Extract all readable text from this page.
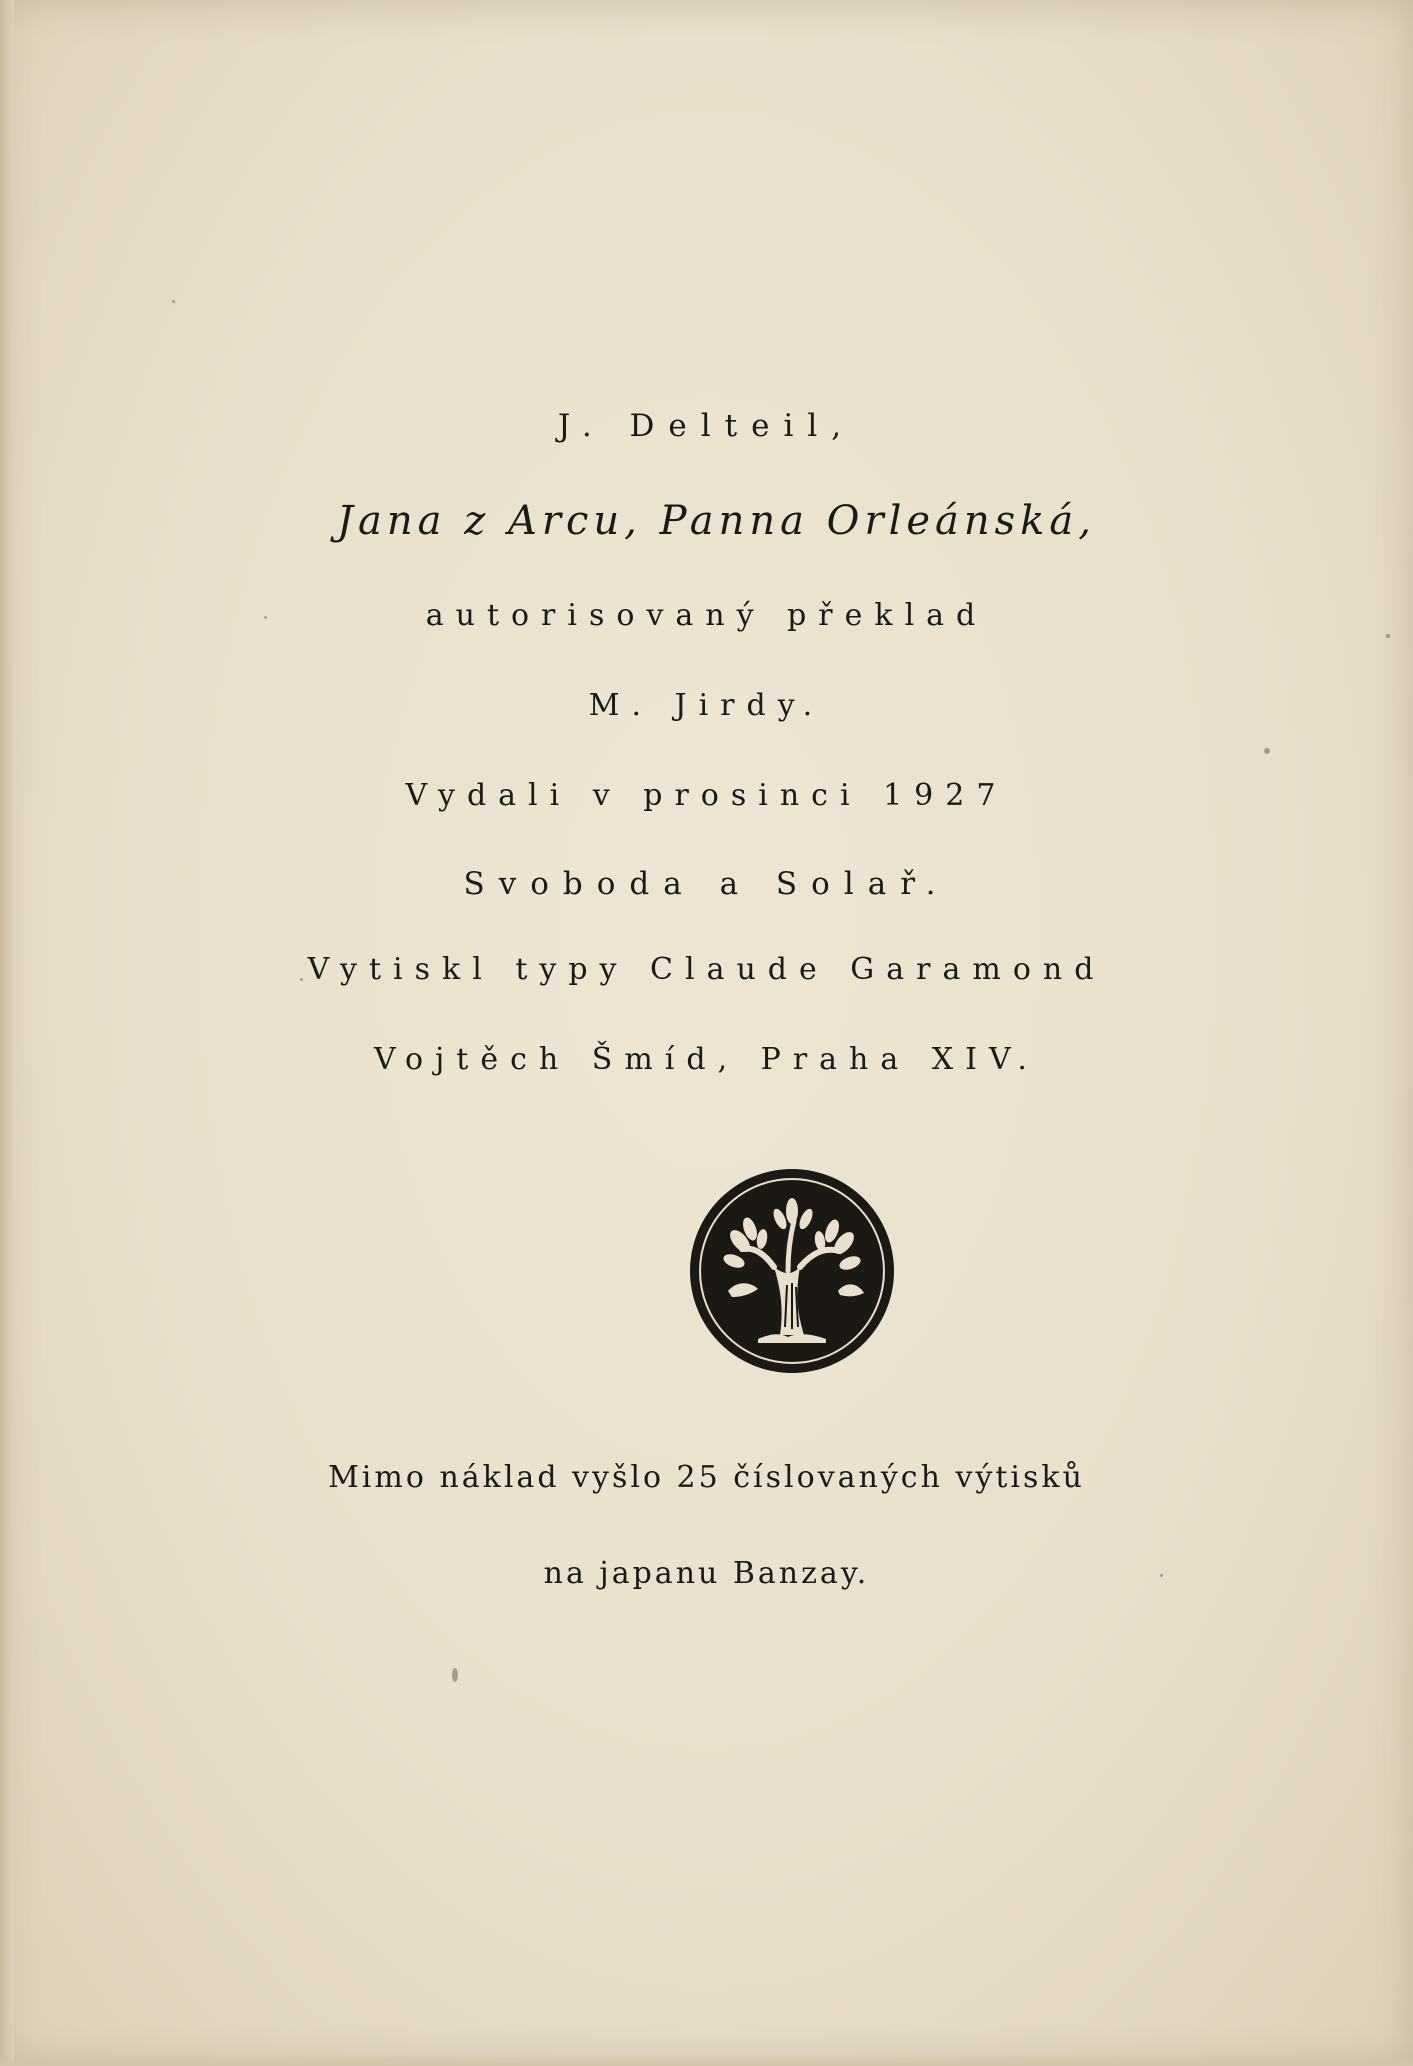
J. Delteil,
Jana z Arcu, Panna Orleánská,
autorisovaný překlad
M. Jirdy.
Vydali v prosinci 1927
Svoboda a Solař.
Vytiskl typy Claude Garamond
Vojtěch Šmíd, Praha XIV.
Mimo náklad vyšlo 25 číslovaných výtisků
na japanu Banzay.
